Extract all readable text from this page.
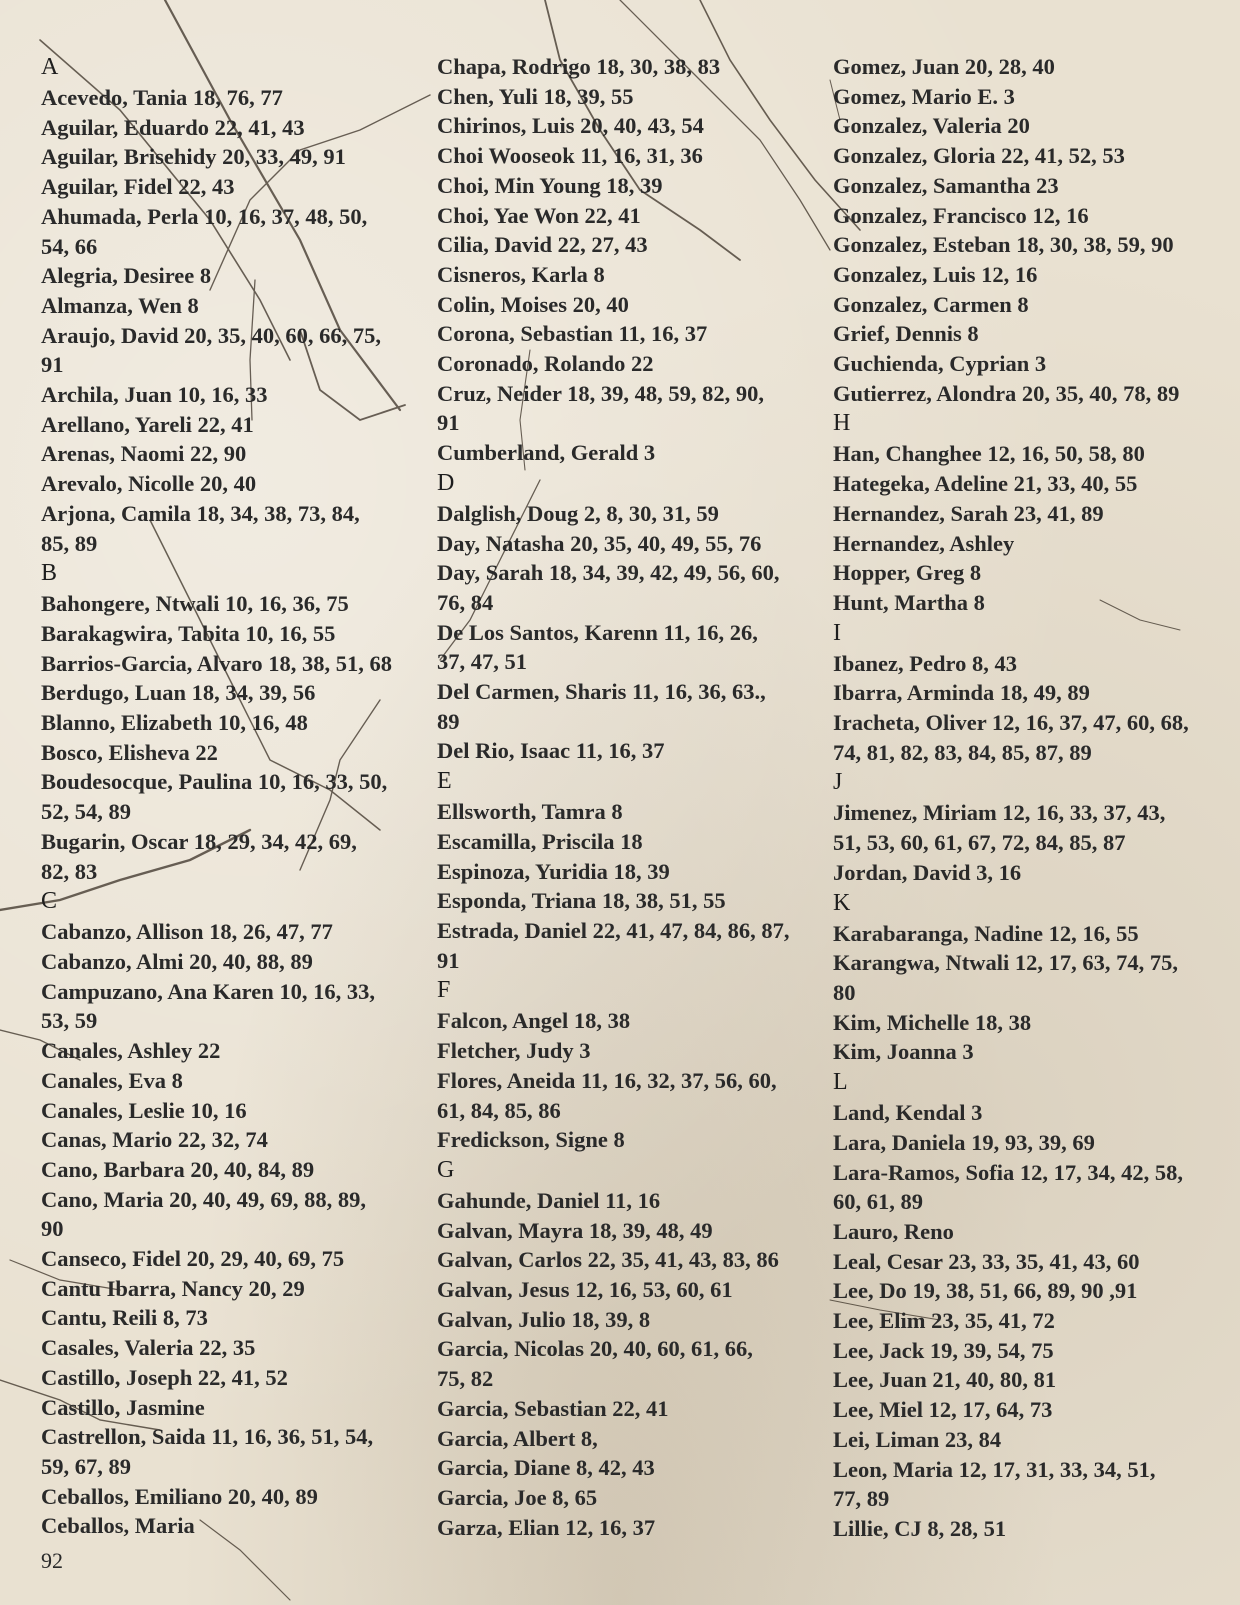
A
Acevedo, Tania 18, 76, 77
Aguilar, Eduardo 22, 41, 43
Aguilar, Brisehidy 20, 33, 49, 91
Aguilar, Fidel 22, 43
Ahumada, Perla 10, 16, 37, 48, 50,
54, 66
Alegria, Desiree 8
Almanza, Wen 8
Araujo, David 20, 35, 40, 60, 66, 75,
91
Archila, Juan 10, 16, 33
Arellano, Yareli 22, 41
Arenas, Naomi 22, 90
Arevalo, Nicolle 20, 40
Arjona, Camila 18, 34, 38, 73, 84,
85, 89
B
Bahongere, Ntwali 10, 16, 36, 75
Barakagwira, Tabita 10, 16, 55
Barrios-Garcia, Alvaro 18, 38, 51, 68
Berdugo, Luan 18, 34, 39, 56
Blanno, Elizabeth 10, 16, 48
Bosco, Elisheva 22
Boudesocque, Paulina 10, 16, 33, 50,
52, 54, 89
Bugarin, Oscar 18, 29, 34, 42, 69,
82, 83
C
Cabanzo, Allison 18, 26, 47, 77
Cabanzo, Almi 20, 40, 88, 89
Campuzano, Ana Karen 10, 16, 33,
53, 59
Canales, Ashley 22
Canales, Eva 8
Canales, Leslie 10, 16
Canas, Mario 22, 32, 74
Cano, Barbara 20, 40, 84, 89
Cano, Maria 20, 40, 49, 69, 88, 89,
90
Canseco, Fidel 20, 29, 40, 69, 75
Cantu Ibarra, Nancy 20, 29
Cantu, Reili 8, 73
Casales, Valeria 22, 35
Castillo, Joseph 22, 41, 52
Castillo, Jasmine
Castrellon, Saida 11, 16, 36, 51, 54,
59, 67, 89
Ceballos, Emiliano 20, 40, 89
Ceballos, Maria
Chapa, Rodrigo 18, 30, 38, 83
Chen, Yuli 18, 39, 55
Chirinos, Luis 20, 40, 43, 54
Choi Wooseok 11, 16, 31, 36
Choi, Min Young 18, 39
Choi, Yae Won 22, 41
Cilia, David 22, 27, 43
Cisneros, Karla 8
Colin, Moises 20, 40
Corona, Sebastian 11, 16, 37
Coronado, Rolando 22
Cruz, Neider 18, 39, 48, 59, 82, 90,
91
Cumberland, Gerald 3
D
Dalglish, Doug 2, 8, 30, 31, 59
Day, Natasha 20, 35, 40, 49, 55, 76
Day, Sarah 18, 34, 39, 42, 49, 56, 60,
76, 84
De Los Santos, Karenn 11, 16, 26,
37, 47, 51
Del Carmen, Sharis 11, 16, 36, 63.,
89
Del Rio, Isaac 11, 16, 37
E
Ellsworth, Tamra 8
Escamilla, Priscila 18
Espinoza, Yuridia 18, 39
Esponda, Triana 18, 38, 51, 55
Estrada, Daniel 22, 41, 47, 84, 86, 87,
91
F
Falcon, Angel 18, 38
Fletcher, Judy 3
Flores, Aneida 11, 16, 32, 37, 56, 60,
61, 84, 85, 86
Fredickson, Signe 8
G
Gahunde, Daniel 11, 16
Galvan, Mayra 18, 39, 48, 49
Galvan, Carlos 22, 35, 41, 43, 83, 86
Galvan, Jesus 12, 16, 53, 60, 61
Galvan, Julio 18, 39, 8
Garcia, Nicolas 20, 40, 60, 61, 66,
75, 82
Garcia, Sebastian 22, 41
Garcia, Albert 8,
Garcia, Diane 8, 42, 43
Garcia, Joe 8, 65
Garza, Elian 12, 16, 37
Gomez, Juan 20, 28, 40
Gomez, Mario E. 3
Gonzalez, Valeria 20
Gonzalez, Gloria 22, 41, 52, 53
Gonzalez, Samantha 23
Gonzalez, Francisco 12, 16
Gonzalez, Esteban 18, 30, 38, 59, 90
Gonzalez, Luis 12, 16
Gonzalez, Carmen 8
Grief, Dennis 8
Guchienda, Cyprian 3
Gutierrez, Alondra 20, 35, 40, 78, 89
H
Han, Changhee 12, 16, 50, 58, 80
Hategeka, Adeline 21, 33, 40, 55
Hernandez, Sarah 23, 41, 89
Hernandez, Ashley
Hopper, Greg 8
Hunt, Martha 8
I
Ibanez, Pedro 8, 43
Ibarra, Arminda 18, 49, 89
Iracheta, Oliver 12, 16, 37, 47, 60, 68,
74, 81, 82, 83, 84, 85, 87, 89
J
Jimenez, Miriam 12, 16, 33, 37, 43,
51, 53, 60, 61, 67, 72, 84, 85, 87
Jordan, David 3, 16
K
Karabaranga, Nadine 12, 16, 55
Karangwa, Ntwali 12, 17, 63, 74, 75,
80
Kim, Michelle 18, 38
Kim, Joanna 3
L
Land, Kendal 3
Lara, Daniela 19, 93, 39, 69
Lara-Ramos, Sofia 12, 17, 34, 42, 58,
60, 61, 89
Lauro, Reno
Leal, Cesar 23, 33, 35, 41, 43, 60
Lee, Do 19, 38, 51, 66, 89, 90 ,91
Lee, Elim 23, 35, 41, 72
Lee, Jack 19, 39, 54, 75
Lee, Juan 21, 40, 80, 81
Lee, Miel 12, 17, 64, 73
Lei, Liman 23, 84
Leon, Maria 12, 17, 31, 33, 34, 51,
77, 89
Lillie, CJ 8, 28, 51
92
